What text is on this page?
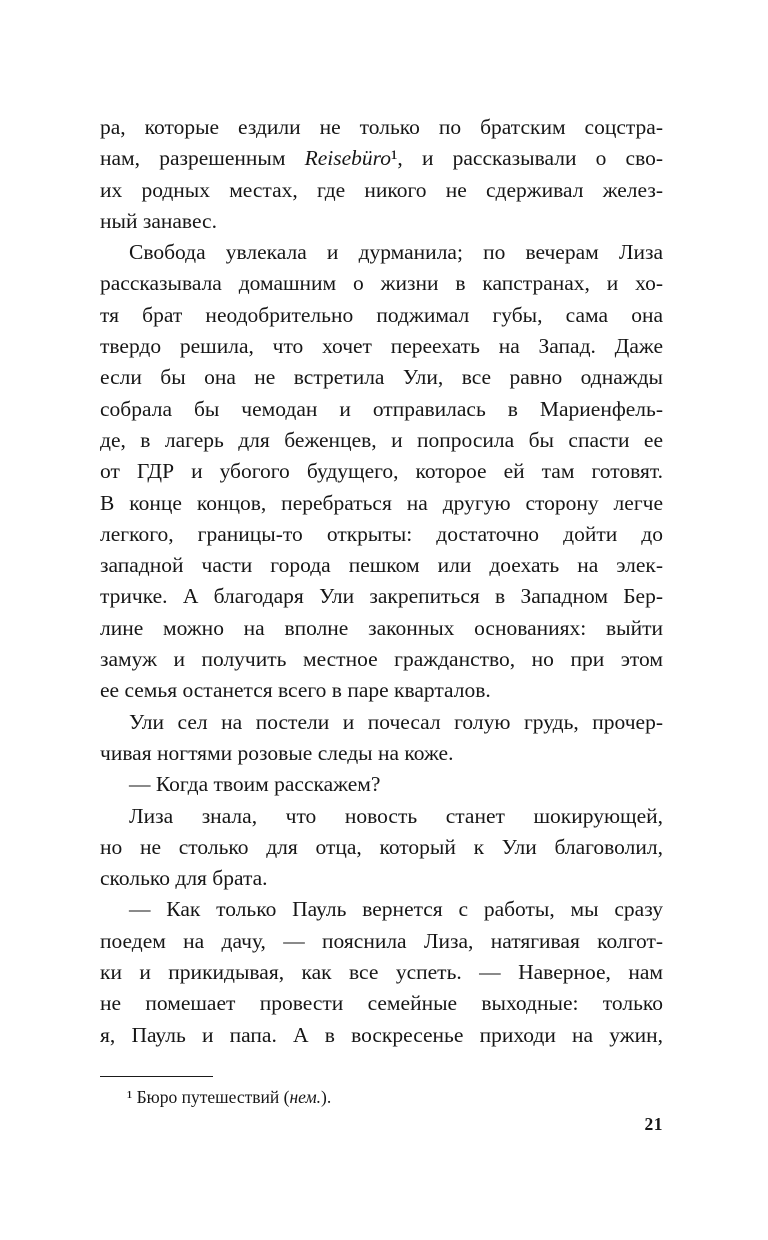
ра, которые ездили не только по братским соцстра-
нам, разрешенным Reisebüro¹, и рассказывали о сво-
их родных местах, где никого не сдерживал желез-
ный занавес.

Свобода увлекала и дурманила; по вечерам Лиза
рассказывала домашним о жизни в капстранах, и хо-
тя брат неодобрительно поджимал губы, сама она
твердо решила, что хочет переехать на Запад. Даже
если бы она не встретила Ули, все равно однажды
собрала бы чемодан и отправилась в Мариенфель-
де, в лагерь для беженцев, и попросила бы спасти ее
от ГДР и убогого будущего, которое ей там готовят.
В конце концов, перебраться на другую сторону легче
легкого, границы-то открыты: достаточно дойти до
западной части города пешком или доехать на элек-
тричке. А благодаря Ули закрепиться в Западном Бер-
лине можно на вполне законных основаниях: выйти
замуж и получить местное гражданство, но при этом
ее семья останется всего в паре кварталов.

Ули сел на постели и почесал голую грудь, прочер-
чивая ногтями розовые следы на коже.

— Когда твоим расскажем?

Лиза знала, что новость станет шокирующей,
но не столько для отца, который к Ули благоволил,
сколько для брата.

— Как только Пауль вернется с работы, мы сразу
поедем на дачу, — пояснила Лиза, натягивая колгот-
ки и прикидывая, как все успеть. — Наверное, нам
не помешает провести семейные выходные: только
я, Пауль и папа. А в воскресенье приходи на ужин,

¹ Бюро путешествий (нем.).
21
